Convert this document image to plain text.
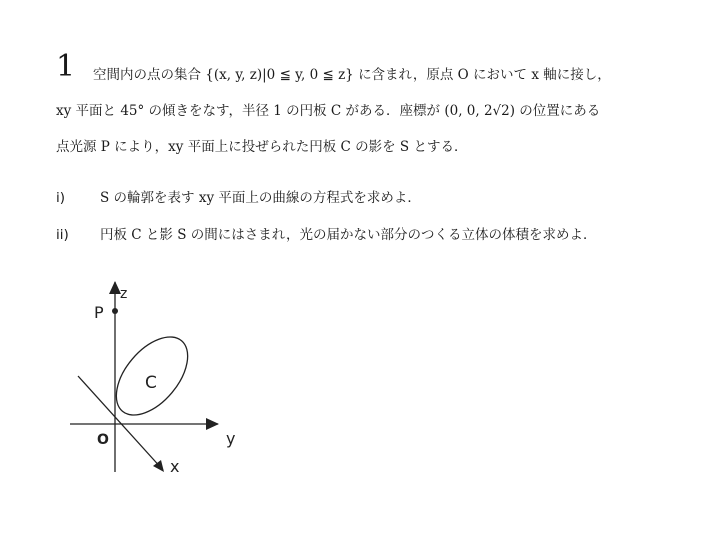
1 空間内の点の集合 {(x, y, z)|0 ≦ y, 0 ≦ z} に含まれ，原点 O において x 軸に接し，
xy 平面と 45° の傾きをなす，半径 1 の円板 C がある．座標が (0, 0, 2√2) の位置にある
点光源 P により，xy 平面上に投ぜられた円板 C の影を S とする．
i)	S の輪郭を表す xy 平面上の曲線の方程式を求めよ．
ii) 円板 C と影 S の間にはさまれ，光の届かない部分のつくる立体の体積を求めよ．
P
z
C
O	y
x
